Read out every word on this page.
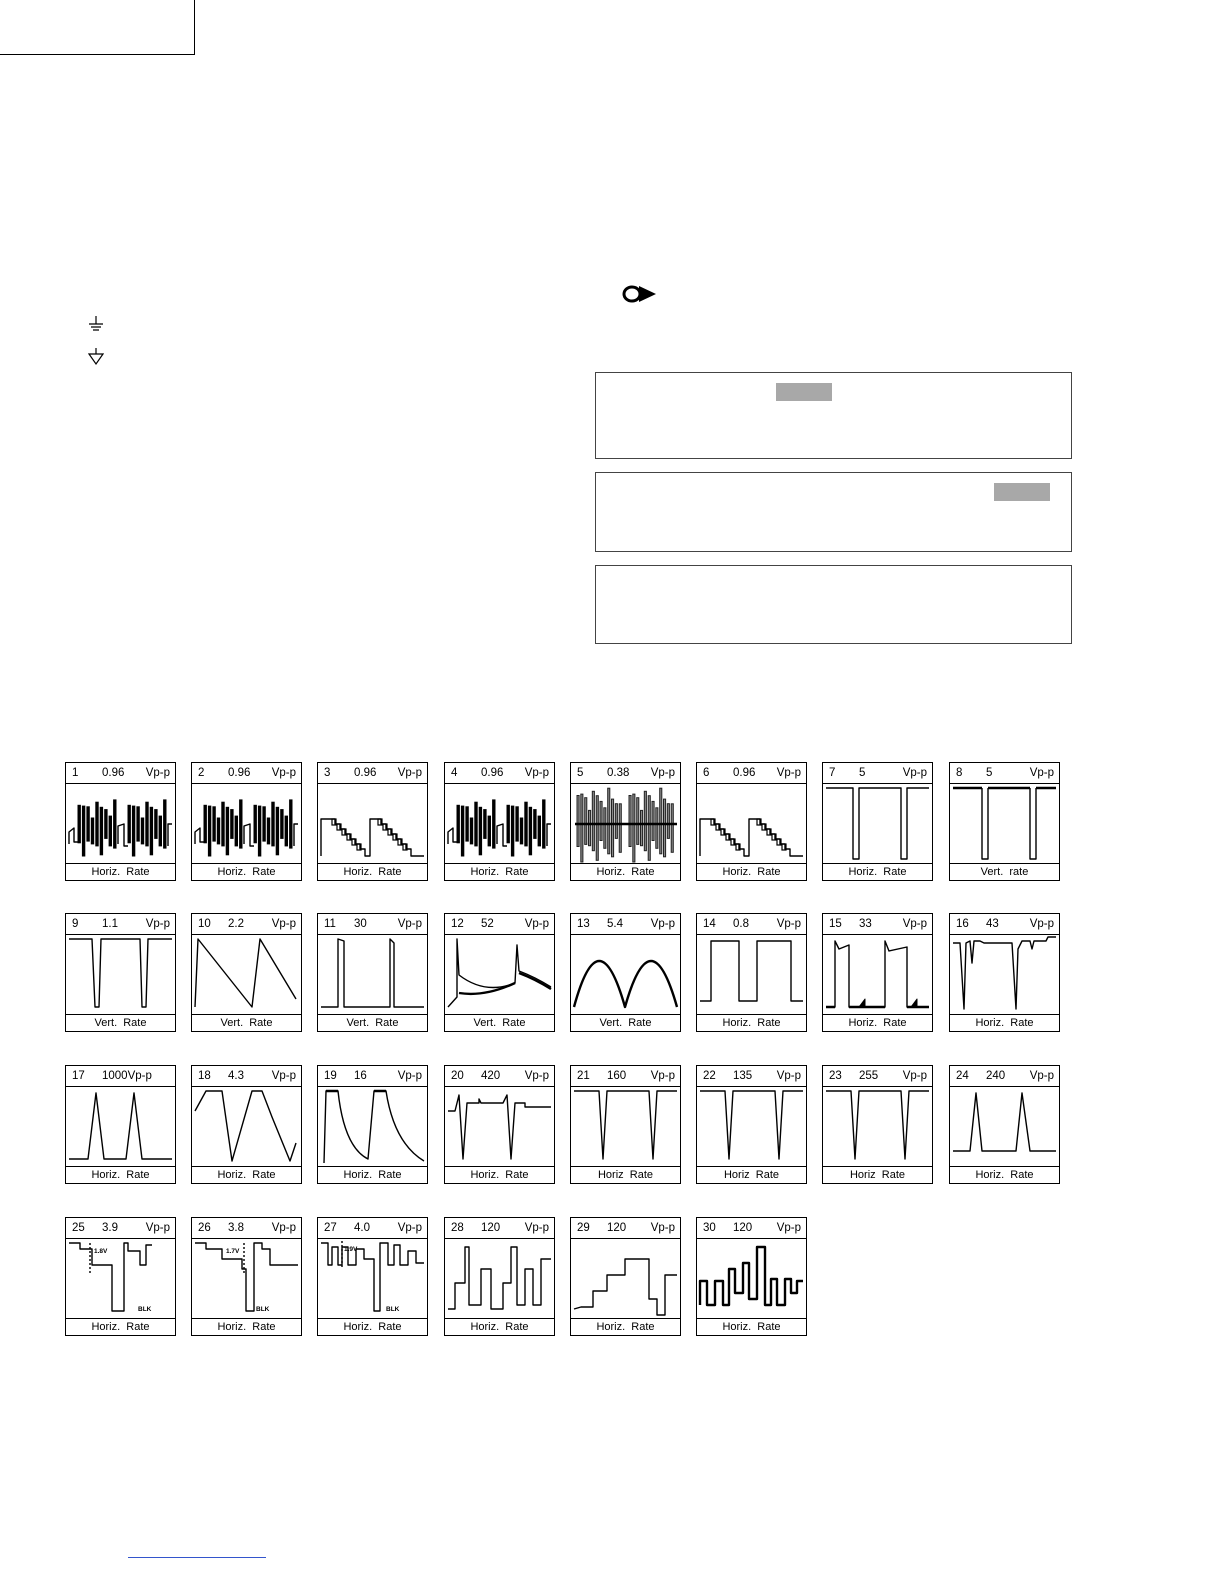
1 0.96 Vp-p
Horiz.  Rate
2 0.96 Vp-p
Horiz.  Rate
3 0.96 Vp-p
Horiz.  Rate
4 0.96 Vp-p
Horiz.  Rate
5 0.38 Vp-p
Horiz.  Rate
6 0.96 Vp-p
Horiz.  Rate
7 5	Vp-p
Horiz.  Rate
8 5	Vp-p
Vert.  rate
9 1.1 Vp-p
Vert.  Rate
10 2.2 Vp-p
Vert.  Rate
11 30	Vp-p
Vert.  Rate
12 52	Vp-p
Vert.  Rate
13 5.4 Vp-p
Vert.  Rate
14 0.8 Vp-p
Horiz.  Rate
15 33	Vp-p
Horiz.  Rate
16 43	Vp-p
Horiz.  Rate
17 1000Vp-p
Horiz.  Rate
18 4.3 Vp-p
Horiz.  Rate
19 16	Vp-p
Horiz.  Rate
20 420 Vp-p
Horiz.  Rate
21 160 Vp-p
Horiz  Rate
22 135 Vp-p
Horiz  Rate
23 255 Vp-p
Horiz  Rate
24 240 Vp-p
Horiz.  Rate
25 3.9 Vp-p
1.8V
BLK
Horiz.  Rate
26 3.8 Vp-p
1.7V
BLK
Horiz.  Rate
27 4.0 Vp-p
1.9V
BLK
Horiz.  Rate
28 120 Vp-p
Horiz.  Rate
29 120 Vp-p
Horiz.  Rate
30 120 Vp-p
Horiz.  Rate
